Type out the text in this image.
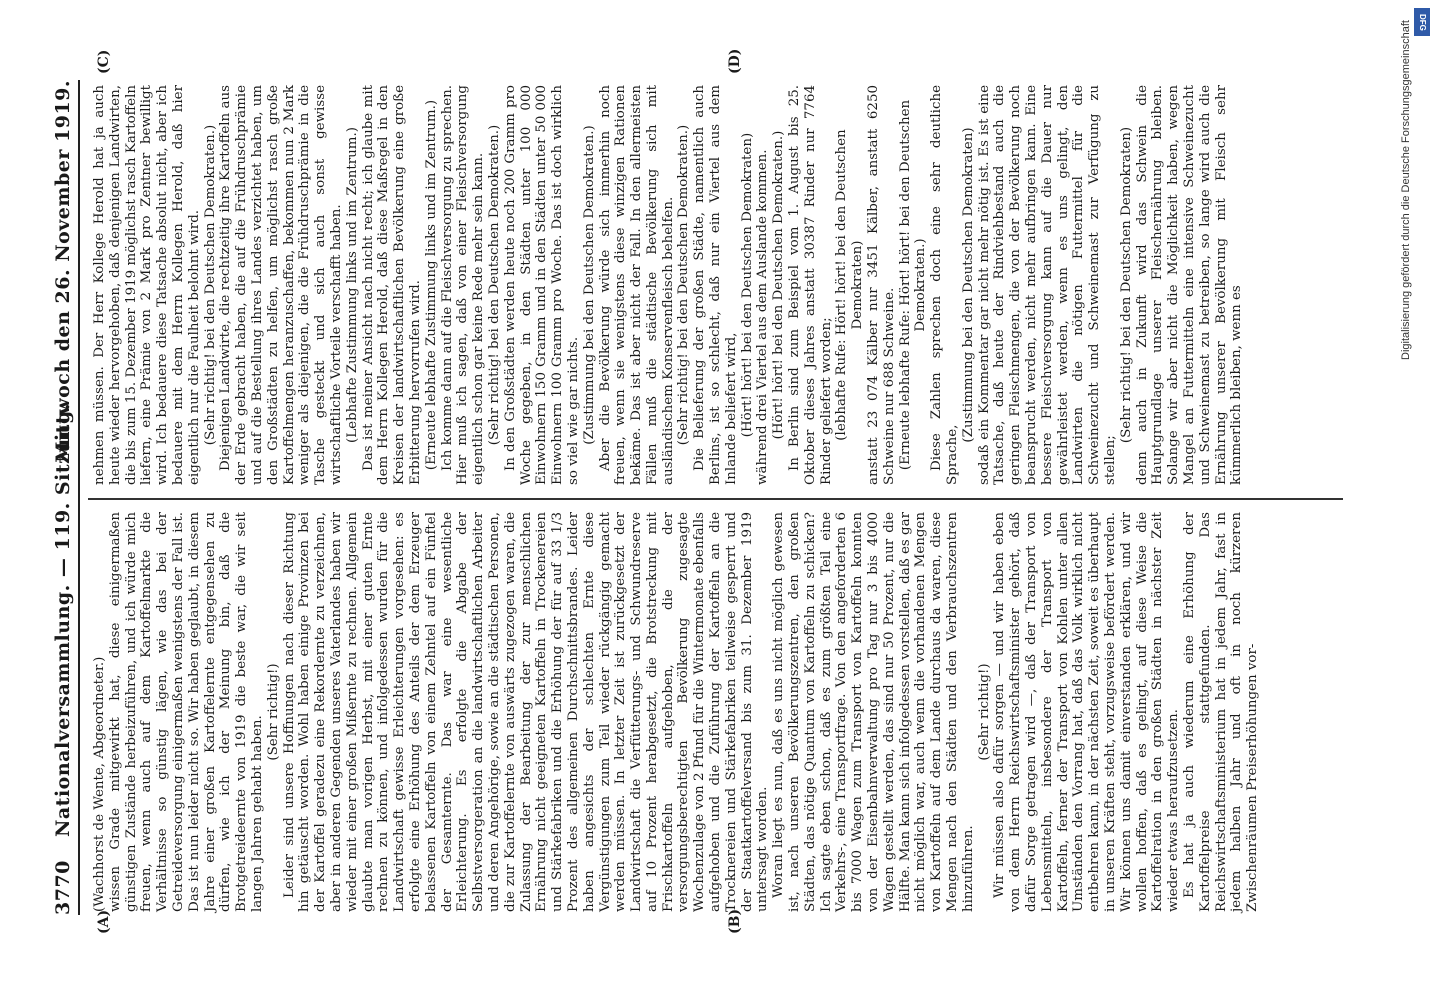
3770
Nationalversammlung. — 119. Sitzung.
Mittwoch den 26. November 1919.
(A)	(B)
(C)	(D)

(Wachhorst de Wente, Abgeordneter.) wissen Grade mitgewirkt hat, diese einigermaßen günstigen Zustände herbeizuführen, und ich würde mich freuen, wenn auch auf dem Kartoffelmarkte die Verhältnisse so günstig lägen, wie das bei der Getreideversorgung einigermaßen wenigstens der Fall ist. Das ist nun leider nicht so. Wir haben geglaubt, in diesem Jahre einer großen Kartoffelernte entgegensehen zu dürfen, wie ich der Meinung bin, daß die Brotgetreideernte von 1919 die beste war, die wir seit langen Jahren gehabt haben.

(Sehr richtig!) Leider sind unsere Hoffnungen nach dieser Richtung hin getäuscht worden. Wohl haben einige Provinzen bei der Kartoffel geradezu eine Rekordernte zu verzeichnen, aber in anderen Gegenden unseres Vaterlandes haben wir wieder mit einer großen Mißernte zu rechnen. Allgemein glaubte man vorigen Herbst, mit einer guten Ernte rechnen zu können, und infolgedessen wurden für die Landwirtschaft gewisse Erleichterungen vorgesehen: es erfolgte eine Erhöhung des Anteils der dem Erzeuger belassenen Kartoffeln von einem Zehntel auf ein Fünftel der Gesamternte. Das war eine wesentliche Erleichterung. Es erfolgte die Abgabe der Selbstversorgeration an die landwirtschaftlichen Arbeiter und deren Angehörige, sowie an die städtischen Personen, die zur Kartoffelernte von auswärts zugezogen waren, die Zulassung der Bearbeitung der zur menschlichen Ernährung nicht geeigneten Kartoffeln in Trockenereien und Stärkefabriken und die Erhöhung der für auf 33 1/3 Prozent des allgemeinen Durchschnittsbrandes. Leider haben angesichts der schlechten Ernte diese Vergünstigungen zum Teil wieder rückgängig gemacht werden müssen. In letzter Zeit ist zurückgesetzt der Landwirtschaft die Verfütterungs- und Schwundreserve auf 10 Prozent herabgesetzt, die Brotstreckung mit Frischkartoffeln aufgehoben, die der versorgungsberechtigten Bevölkerung zugesagte Wochenzulage von 2 Pfund für die Wintermonate ebenfalls aufgehoben und die Zuführung der Kartoffeln an die Trocknereien und Stärkefabriken teilweise gesperrt und der Staatkartoffelversand bis zum 31. Dezember 1919 untersagt worden. Woran liegt es nun, daß es uns nicht möglich gewesen ist, nach unseren Bevölkerungszentren, den großen Städten, das nötige Quantum von Kartoffeln zu schicken? Ich sagte eben schon, daß es zum größten Teil eine Verkehrs-, eine Transportfrage. Von den angeforderten 6 bis 7000 Wagen zum Transport von Kartoffeln konnten von der Eisenbahnverwaltung pro Tag nur 3 bis 4000 Wagen gestellt werden, das sind nur 50 Prozent, nur die Hälfte. Man kann sich infolgedessen vorstellen, daß es gar nicht möglich war, auch wenn die vorhandenen Mengen von Kartoffeln auf dem Lande durchaus da waren, diese Mengen nach den Städten und den Verbrauchszentren hinzuführen.

(Sehr richtig!) Wir müssen also dafür sorgen — und wir haben eben von dem Herrn Reichswirtschaftsminister gehört, daß dafür Sorge getragen wird —, daß der Transport von Lebensmitteln, insbesondere der Transport von Kartoffeln, ferner der Transport von Kohlen unter allen Umständen den Vorrang hat, daß das Volk wirklich nicht entbehren kann, in der nächsten Zeit, soweit es überhaupt in unseren Kräften steht, vorzugsweise befördert werden. Wir können uns damit einverstanden erklären, und wir wollen hoffen, daß es gelingt, auf diese Weise die Kartoffelration in den großen Städten in nächster Zeit wieder etwas heraufzusetzen. Es hat ja auch wiederum eine Erhöhung der Kartoffelpreise stattgefunden. Das Reichswirtschaftsministerium hat in jedem Jahr, fast in jedem halben Jahr und oft in noch kürzeren Zwischenräumen Preiserhöhungen vor-

nehmen müssen. Der Herr Kollege Herold hat ja auch heute wieder hervorgehoben, daß denjenigen Landwirten, die bis zum 15. Dezember 1919 möglichst rasch Kartoffeln liefern, eine Prämie von 2 Mark pro Zentner bewilligt wird. Ich bedauere diese Tatsache absolut nicht, aber ich bedauere mit dem Herrn Kollegen Herold, daß hier eigentlich nur die Faulheit belohnt wird. (Sehr richtig! bei den Deutschen Demokraten.) Diejenigen Landwirte, die rechtzeitig ihre Kartoffeln aus der Erde gebracht haben, die auf die Frühdruschprämie und auf die Bestellung ihres Landes verzichtet haben, um den Großstädten zu helfen, um möglichst rasch große Kartoffelmengen heranzuschaffen, bekommen nun 2 Mark weniger als diejenigen, die die Frühdruschprämie in die Tasche gesteckt und sich auch sonst gewisse wirtschaftliche Vorteile verschafft haben. (Lebhafte Zustimmung links und im Zentrum.) Das ist meiner Ansicht nach nicht recht; ich glaube mit dem Herrn Kollegen Herold, daß diese Maßregel in den Kreisen der landwirtschaftlichen Bevölkerung eine große Erbitterung hervorrufen wird. (Erneute lebhafte Zustimmung links und im Zentrum.) Ich komme dann auf die Fleischversorgung zu sprechen. Hier muß ich sagen, daß von einer Fleischversorgung eigentlich schon gar keine Rede mehr sein kann. (Sehr richtig! bei den Deutschen Demokraten.) In den Großstädten werden heute noch 200 Gramm pro Woche gegeben, in den Städten unter 100 000 Einwohnern 150 Gramm und in den Städten unter 50 000 Einwohnern 100 Gramm pro Woche. Das ist doch wirklich so viel wie gar nichts. (Zustimmung bei den Deutschen Demokraten.) Aber die Bevölkerung würde sich immerhin noch freuen, wenn sie wenigstens diese winzigen Rationen bekäme. Das ist aber nicht der Fall. In den allermeisten Fällen muß die städtische Bevölkerung sich mit ausländischem Konservenfleisch behelfen. (Sehr richtig! bei den Deutschen Demokraten.) Die Belieferung der großen Städte, namentlich auch Berlins, ist so schlecht, daß nur ein Viertel aus dem Inlande beliefert wird, (Hört! hört! bei den Deutschen Demokraten) während drei Viertel aus dem Auslande kommen. (Hört! hört! bei den Deutschen Demokraten.) In Berlin sind zum Beispiel vom 1. August bis 25. Oktober dieses Jahres anstatt 30387 Rinder nur 7764 Rinder geliefert worden; (lebhafte Rufe: Hört! hört! bei den Deutschen Demokraten) anstatt 23 074 Kälber nur 3451 Kälber, anstatt 6250 Schweine nur 688 Schweine. (Erneute lebhafte Rufe: Hört! hört! bei den Deutschen Demokraten.) Diese Zahlen sprechen doch eine sehr deutliche Sprache,

(Zustimmung bei den Deutschen Demokraten) sodaß ein Kommentar gar nicht mehr nötig ist. Es ist eine Tatsache, daß heute der Rindviehbestand auch die geringen Fleischmengen, die von der Bevölkerung noch beansprucht werden, nicht mehr aufbringen kann. Eine bessere Fleischversorgung kann auf die Dauer nur gewährleistet werden, wenn es uns gelingt, den Landwirten die nötigen Futtermittel für die Schweinezucht und Schweinemast zur Verfügung zu stellen;

(Sehr richtig! bei den Deutschen Demokraten) denn auch in Zukunft wird das Schwein die Hauptgrundlage unserer Fleischernährung bleiben. Solange wir aber nicht die Möglichkeit haben, wegen Mangel an Futtermitteln eine intensive Schweinezucht und Schweinemast zu betreiben, so lange wird auch die Ernährung unserer Bevölkerung mit Fleisch sehr kümmerlich bleiben, wenn es

Digitalisierung gefördert durch die Deutsche Forschungsgemeinschaft DFG
